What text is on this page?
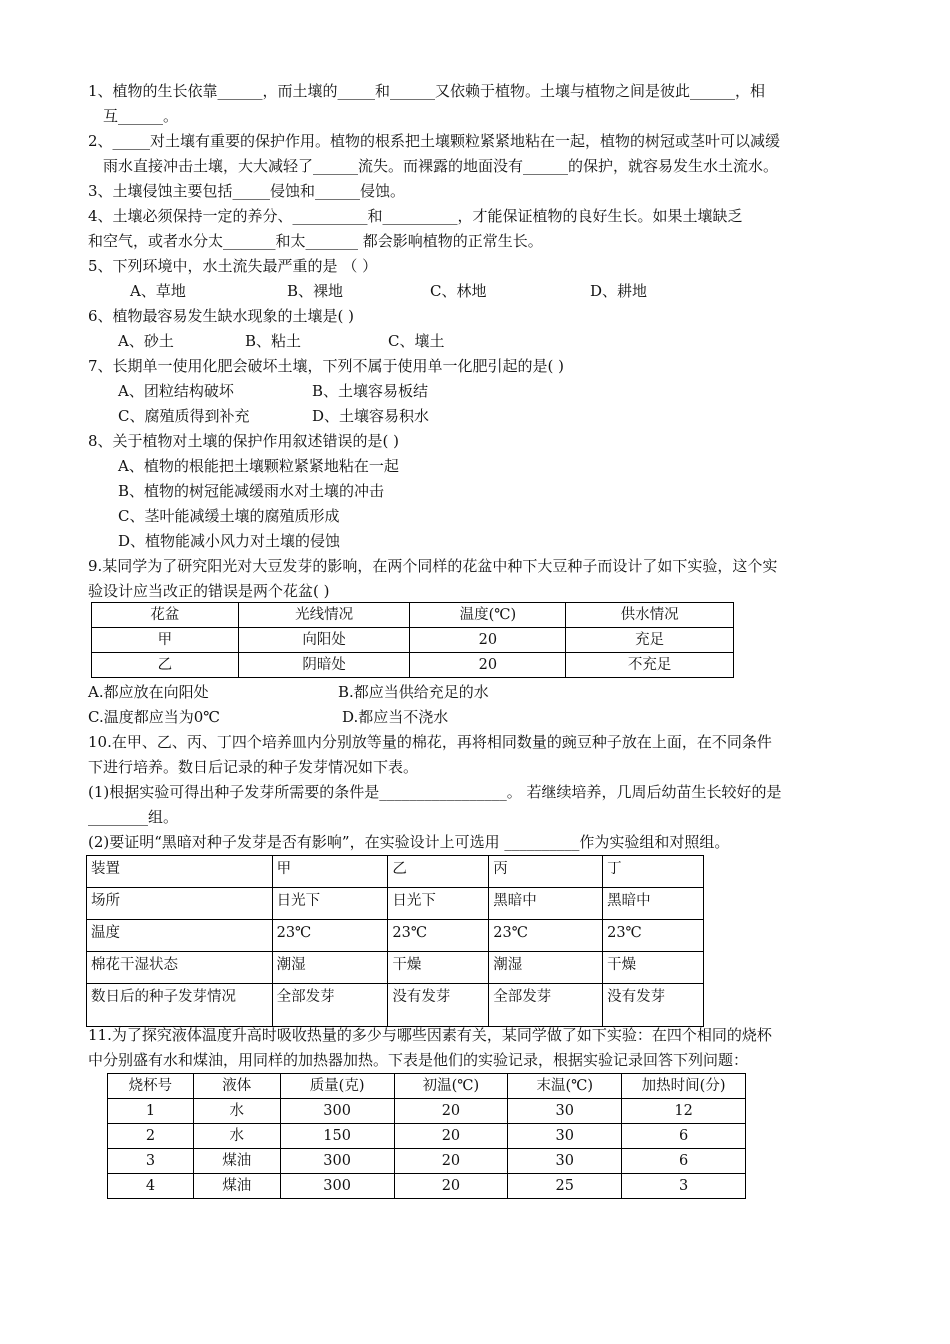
1、植物的生长依靠______，而土壤的_____和______又依赖于植物。土壤与植物之间是彼此______，相
互______。
2、_____对土壤有重要的保护作用。植物的根系把土壤颗粒紧紧地粘在一起，植物的树冠或茎叶可以减缓
雨水直接冲击土壤，大大减轻了______流失。而裸露的地面没有______的保护，就容易发生水土流水。
3、土壤侵蚀主要包括_____侵蚀和______侵蚀。
4、土壤必须保持一定的养分、__________和__________，才能保证植物的良好生长。如果土壤缺乏
和空气，或者水分太_______和太_______ 都会影响植物的正常生长。
5、下列环境中，水土流失最严重的是 （ ）
A、草地	B、裸地	C、林地	D、耕地
6、植物最容易发生缺水现象的土壤是( )
A、砂土	B、粘土	C、壤土
7、长期单一使用化肥会破坏土壤，下列不属于使用单一化肥引起的是( )
A、团粒结构破坏	B、土壤容易板结
C、腐殖质得到补充	D、土壤容易积水
8、关于植物对土壤的保护作用叙述错误的是( )
A、植物的根能把土壤颗粒紧紧地粘在一起
B、植物的树冠能减缓雨水对土壤的冲击
C、茎叶能减缓土壤的腐殖质形成
D、植物能减小风力对土壤的侵蚀
9.某同学为了研究阳光对大豆发芽的影响，在两个同样的花盆中种下大豆种子而设计了如下实验，这个实
验设计应当改正的错误是两个花盆( )
花盆	光线情况	温度(℃)	供水情况
甲	向阳处	20	充足
乙	阴暗处	20	不充足
A.都应放在向阳处	B.都应当供给充足的水
C.温度都应当为0℃	D.都应当不浇水
10.在甲、乙、丙、丁四个培养皿内分别放等量的棉花，再将相同数量的豌豆种子放在上面，在不同条件
下进行培养。数日后记录的种子发芽情况如下表。
(1)根据实验可得出种子发芽所需要的条件是_________________。 若继续培养，几周后幼苗生长较好的是
________组。
(2)要证明“黑暗对种子发芽是否有影响”，在实验设计上可选用 __________作为实验组和对照组。
装置	甲	乙	丙	丁
场所	日光下	日光下	黑暗中	黑暗中
温度	23℃	23℃	23℃	23℃
棉花干湿状态	潮湿	干燥	潮湿	干燥
数日后的种子发芽情况	全部发芽	没有发芽	全部发芽	没有发芽
11.为了探究液体温度升高时吸收热量的多少与哪些因素有关，某同学做了如下实验：在四个相同的烧杯
中分别盛有水和煤油，用同样的加热器加热。下表是他们的实验记录，根据实验记录回答下列问题：
烧杯号	液体	质量(克)	初温(℃)	末温(℃)	加热时间(分)
1	水	300	20	30	12
2	水	150	20	30	6
3	煤油	300	20	30	6
4	煤油	300	20	25	3
